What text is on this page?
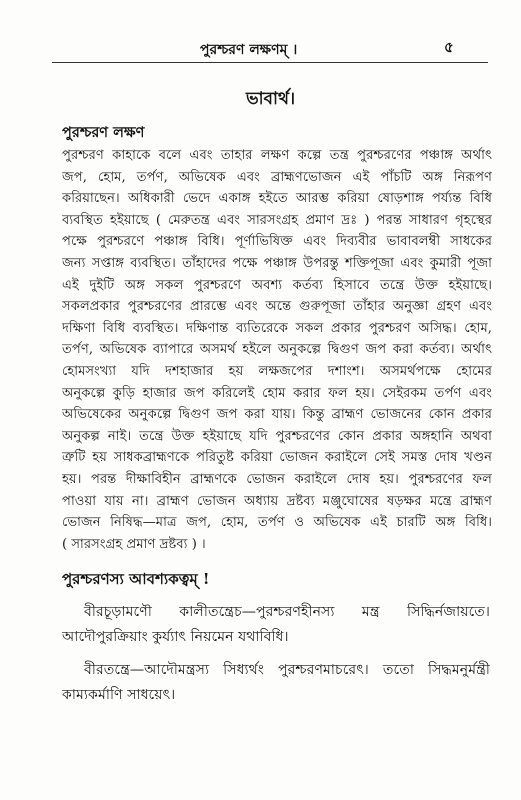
পুরশ্চরণ লক্ষণম্ ।	৫
ভাবার্থ।
পুরশ্চরণ লক্ষণ
পুরশ্চরণ কাহাকে বলে এবং তাহার লক্ষণ কল্পে তন্ত্র পুরশ্চরণের পঞ্চাঙ্গ অর্থাৎ
জপ, হোম, তর্পণ, অভিষেক এবং ব্রাহ্মণভোজন এই পাঁচটি অঙ্গ নিরূপণ
করিয়াছেন। অধিকারী ভেদে একাঙ্গ হইতে আরম্ভ করিয়া ষোড়শাঙ্গ পর্য্যন্ত বিধি
ব্যবস্থিত হইয়াছে ( মেরুতন্ত্র এবং সারসংগ্রহ প্রমাণ দ্রঃ ) পরন্ত সাধারণ গৃহস্থের
পক্ষে পুরশ্চরণে পঞ্চাঙ্গ বিধি। পূর্ণাভিষিক্ত এবং দিব্যবীর ভাবাবলম্বী সাধকের
জন্য সপ্তাঙ্গ ব্যবস্থিত। তাঁহাদের পক্ষে পঞ্চাঙ্গ উপরন্তু শক্তিপূজা এবং কুমারী পূজা
এই দুইটি অঙ্গ সকল পুরশ্চরণে অবশ্য কর্তব্য হিসাবে তন্ত্রে উক্ত হইয়াছে।
সকলপ্রকার পুরশ্চরণের প্রারম্ভে এবং অন্তে গুরুপূজা তাঁহার অনুজ্ঞা গ্রহণ এবং
দক্ষিণা বিধি ব্যবস্থিত। দক্ষিণান্ত ব্যতিরেকে সকল প্রকার পুরশ্চরণ অসিদ্ধ। হোম,
তর্পণ, অভিষেক ব্যাপারে অসমর্থ হইলে অনুকল্পে দ্বিগুণ জপ করা কর্তব্য। অর্থাৎ
হোমসংখ্যা যদি দশহাজার হয় লক্ষজপের দশাংশ। অসমর্থপক্ষে হোমের
অনুকল্পে কুড়ি হাজার জপ করিলেই হোম করার ফল হয়। সেইরকম তর্পণ এবং
অভিষেকের অনুকল্পে দ্বিগুণ জপ করা যায়। কিন্তু ব্রাহ্মণ ভোজনের কোন প্রকার
অনুকল্প নাই। তন্ত্রে উক্ত হইয়াছে যদি পুরশ্চরণের কোন প্রকার অঙ্গহানি অথবা
ত্রুটি হয় সাধকব্রাহ্মণকে পরিতুষ্ট করিয়া ভোজন করাইলে সেই সমস্ত দোষ খণ্ডন
হয়। পরন্ত দীক্ষাবিহীন ব্রাহ্মণকে ভোজন করাইলে দোষ হয়। পুরশ্চরণের ফল
পাওয়া যায় না। ব্রাহ্মণ ভোজন অধ্যায় দ্রষ্টব্য মঞ্জুঘোষের ষড়ক্ষর মন্ত্রে ব্রাহ্মণ
ভোজন নিষিদ্ধ—মাত্র জপ, হোম, তর্পণ ও অভিষেক এই চারটি অঙ্গ বিধি।
( সারসংগ্রহ প্রমাণ দ্রষ্টব্য ) ।
পুরশ্চরণস্য আবশ্যকত্বম্ !
বীরচূড়ামণৌ কালীতন্ত্রেচ—পুরশ্চরণহীনস্য মন্ত্র সিদ্ধির্নজায়তে।
আদৌপুরক্রিয়াং কুর্য্যাৎ নিয়মেন যথাবিধি।
বীরতন্ত্রে—আদৌমন্ত্রস্য সিধ্যর্থং পুরশ্চরণমাচরেৎ। ততো সিদ্ধমনুর্মন্ত্রী
কাম্যকর্মাণি সাধয়েৎ।
